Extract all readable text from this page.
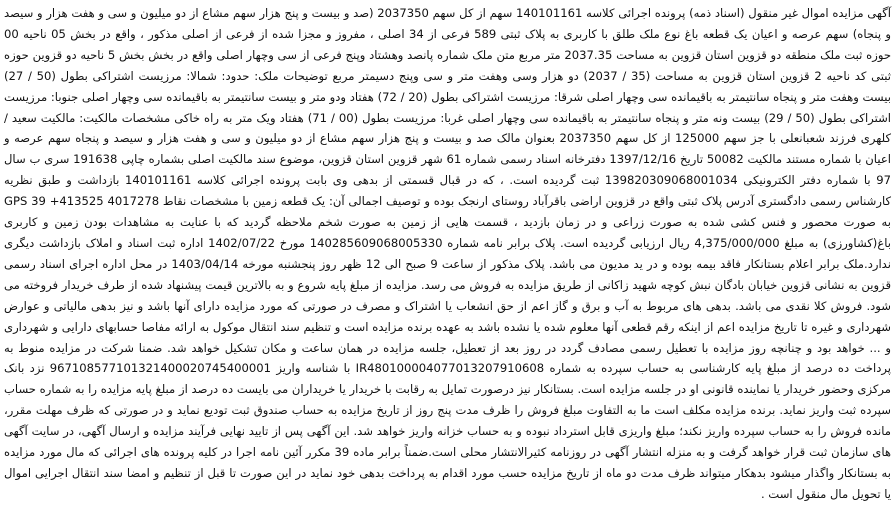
آگهی مزایده اموال غیر منقول (اسناد ذمه) پرونده اجرائی کلاسه 140101161 سهم از کل سهم 2037350 (صد و بیست و پنج هزار سهم مشاع از دو میلیون و سی و هفت هزار و سیصد و پنجاه) سهم عرصه و اعیان یک قطعه باغ نوع ملک طلق با کاربری به پلاک ثبتی 589 فرعی از 34 اصلی ، مفروز و مجزا شده از فرعی از اصلی مذکور ، واقع در بخش 05 ناحیه 00 حوزه ثبت ملک منطقه دو قزوین استان قزوین به مساحت 2037.35 متر مربع متن ملک شماره پانصد وهشتاد وپنج فرعی از سی وچهار اصلی واقع در بخش بخش 5 ناحیه دو قزوین حوزه ثبتی کد ناحیه 2 قزوین استان قزوین به مساحت (35 / 2037) دو هزار وسی وهفت متر و سی وپنج دسیمتر مربع توضیحات ملک: حدود: شمالا: مرزیست اشتراکی بطول (50 / 27) بیست وهفت متر و پنجاه سانتیمتر به باقیمانده سی وچهار اصلی شرقا: مرزیست اشتراکی بطول (20 / 72) هفتاد ودو متر و بیست سانتیمتر به باقیمانده سی وچهار اصلی جنوبا: مرزیست اشتراکی بطول (50 / 29) بیست ونه متر و پنجاه سانتیمتر به باقیمانده سی وچهار اصلی غربا: مرزیست بطول (00 / 71) هفتاد ویک متر به راه خاکی مشخصات مالکیت: مالکیت سعید / کلهری فرزند شعبانعلی با جز سهم 125000 از کل سهم 2037350 بعنوان مالک صد و بیست و پنج هزار سهم مشاع از دو میلیون و سی و هفت هزار و سیصد و پنجاه سهم عرصه و اعیان با شماره مستند مالکیت 50082 تاریخ 1397/12/16 دفترخانه اسناد رسمی شماره 61 شهر قزوین استان قزوین، موضوع سند مالکیت اصلی بشماره چاپی 191638 سری ب سال 97 با شماره دفتر الکترونیکی 139820309068001034 ثبت گردیده است. ، که در قبال قسمتی از بدهی وی بابت پرونده اجرائی کلاسه 140101161 بازداشت و طبق نظریه کارشناس رسمی دادگستری آدرس پلاک ثبتی واقع در قزوین اراضی باقرآباد روستای ارنجک بوده و توصیف اجمالی آن: یک قطعه زمین با مشخصات نقاط GPS 39 +413525 4017278 به صورت محصور و فنس کشی شده به صورت زراعی و در زمان بازدید ، قسمت هایی از زمین به صورت شخم ملاحظه گردید که با عنایت به مشاهدات بودن زمین و کاربری باغ(کشاورزی) به مبلغ 4,375/000/000 ریال ارزیابی گردیده است. پلاک برابر نامه شماره 140285609068005330 مورخ 1402/07/22 اداره ثبت اسناد و املاک بازداشت دیگری ندارد.ملک برابر اعلام بستانکار فاقد بیمه بوده و در ید مدیون می باشد. پلاک مذکور از ساعت 9 صبح الی 12 ظهر روز پنجشنبه مورخه 1403/04/14 در محل اداره اجرای اسناد رسمی قزوین به نشانی قزوین خیابان بادگان نبش کوچه شهید زاکانی از طریق مزایده به فروش می رسد. مزایده از مبلغ پایه شروع و به بالاترین قیمت پیشنهاد شده از طرف خریدار فروخته می شود. فروش کلا نقدی می باشد. بدهی های مربوط به آب و برق و گاز اعم از حق انشعاب یا اشتراک و مصرف در صورتی که مورد مزایده دارای آنها باشد و نیز بدهی مالیاتی و عوارض شهرداری و غیره تا تاریخ مزایده اعم از اینکه رقم قطعی آنها معلوم شده یا نشده باشد به عهده برنده مزایده است و تنظیم سند انتقال موکول به ارائه مفاصا حسابهای دارایی و شهرداری و ... خواهد بود و چنانچه روز مزایده با تعطیل رسمی مصادف گردد در روز بعد از تعطیل، جلسه مزایده در همان ساعت و مکان تشکیل خواهد شد. ضمنا شرکت در مزایده منوط به پرداخت ده درصد از مبلغ پایه کارشناسی به حساب سپرده به شماره IR480100004077013207910608 با شناسه واریز 967108577101321400020745400001 نزد بانک مرکزی وحضور خریدار یا نماینده قانونی او در جلسه مزایده است. بستانکار نیز درصورت تمایل به رقابت با خریدار یا خریداران می بایست ده درصد از مبلغ پایه مزایده را به شماره حساب سپرده ثبت واریز نماید. برنده مزایده مکلف است ما به التفاوت مبلغ فروش را ظرف مدت پنج روز از تاریخ مزایده به حساب صندوق ثبت تودیع نماید و در صورتی که ظرف مهلت مقرر، مانده فروش را به حساب سپرده واریز نکند؛ مبلغ واریزی قابل استرداد نبوده و به حساب خزانه واریز خواهد شد. این آگهی پس از تایید نهایی فرآیند مزایده و ارسال آگهی، در سایت آگهی های سازمان ثبت قرار خواهد گرفت و به منزله انتشار آگهی در روزنامه کثیرالانتشار محلی است.ضمناً برابر ماده 39 مکرر آئین نامه اجرا در کلیه پرونده های اجرائی که مال مورد مزایده به بستانکار واگذار میشود بدهکار میتواند ظرف مدت دو ماه از تاریخ مزایده حسب مورد اقدام به پرداخت بدهی خود نماید در این صورت تا قبل از تنظیم و امضا سند انتقال اجرایی اموال یا تحویل مال منقول است .
